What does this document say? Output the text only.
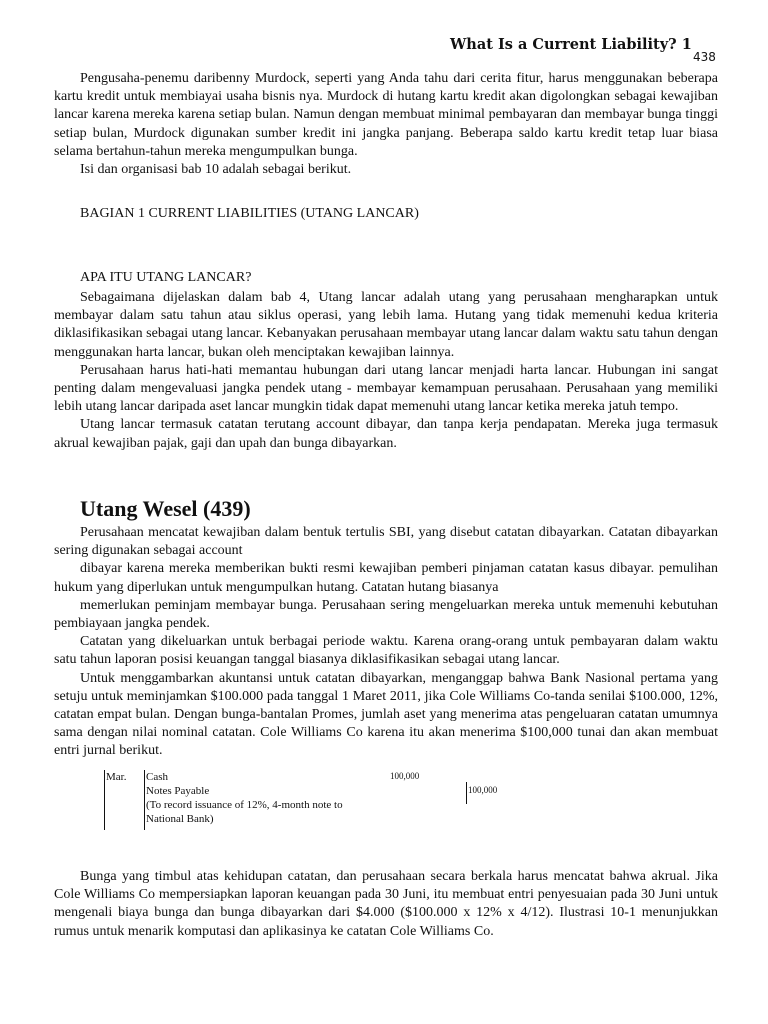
What Is a Current Liability? 1
438

Pengusaha-penemu daribenny Murdock, seperti yang Anda tahu dari cerita fitur, harus menggunakan beberapa kartu kredit untuk membiayai usaha bisnis nya. Murdock di hutang kartu kredit akan digolongkan sebagai kewajiban lancar karena mereka karena setiap bulan. Namun dengan membuat minimal pembayaran dan membayar bunga tinggi setiap bulan, Murdock digunakan sumber kredit ini jangka panjang. Beberapa saldo kartu kredit tetap luar biasa selama bertahun-tahun mereka mengumpulkan bunga.

Isi dan organisasi bab 10 adalah sebagai berikut.

BAGIAN 1 CURRENT LIABILITIES (UTANG LANCAR)
APA ITU UTANG LANCAR?

Sebagaimana dijelaskan dalam bab 4, Utang lancar adalah utang yang perusahaan mengharapkan untuk membayar dalam satu tahun atau siklus operasi, yang lebih lama. Hutang yang tidak memenuhi kedua kriteria diklasifikasikan sebagai utang lancar. Kebanyakan perusahaan membayar utang lancar dalam waktu satu tahun dengan menggunakan harta lancar, bukan oleh menciptakan kewajiban lainnya.

Perusahaan harus hati-hati memantau hubungan dari utang lancar menjadi harta lancar. Hubungan ini sangat penting dalam mengevaluasi jangka pendek utang - membayar kemampuan perusahaan. Perusahaan yang memiliki lebih utang lancar daripada aset lancar mungkin tidak dapat memenuhi utang lancar ketika mereka jatuh tempo.

Utang lancar termasuk catatan terutang account dibayar, dan tanpa kerja pendapatan. Mereka juga termasuk akrual kewajiban pajak, gaji dan upah dan bunga dibayarkan.

Utang Wesel (439)

Perusahaan mencatat kewajiban dalam bentuk tertulis SBI, yang disebut catatan dibayarkan. Catatan dibayarkan sering digunakan sebagai account

dibayar karena mereka memberikan bukti resmi kewajiban pemberi pinjaman catatan kasus dibayar. pemulihan hukum yang diperlukan untuk mengumpulkan hutang. Catatan hutang biasanya

memerlukan peminjam membayar bunga. Perusahaan sering mengeluarkan mereka untuk memenuhi kebutuhan pembiayaan jangka pendek.

Catatan yang dikeluarkan untuk berbagai periode waktu. Karena orang-orang untuk pembayaran dalam waktu satu tahun laporan posisi keuangan tanggal biasanya diklasifikasikan sebagai utang lancar.

Untuk menggambarkan akuntansi untuk catatan dibayarkan, menganggap bahwa Bank Nasional pertama yang setuju untuk meminjamkan $100.000 pada tanggal 1 Maret 2011, jika Cole Williams Co-tanda senilai $100.000, 12%, catatan empat bulan. Dengan bunga-bantalan Promes, jumlah aset yang menerima atas pengeluaran catatan umumnya sama dengan nilai nominal catatan. Cole Williams Co karena itu akan menerima $100,000 tunai dan akan membuat entri jurnal berikut.

Mar. Cash
Notes Payable
(To record issuance of 12%, 4-month note to
National Bank)
100,000
100,000

Bunga yang timbul atas kehidupan catatan, dan perusahaan secara berkala harus mencatat bahwa akrual. Jika Cole Williams Co mempersiapkan laporan keuangan pada 30 Juni, itu membuat entri penyesuaian pada 30 Juni untuk mengenali biaya bunga dan bunga dibayarkan dari $4.000 ($100.000 x 12% x 4/12). Ilustrasi 10-1 menunjukkan rumus untuk menarik komputasi dan aplikasinya ke catatan Cole Williams Co.
